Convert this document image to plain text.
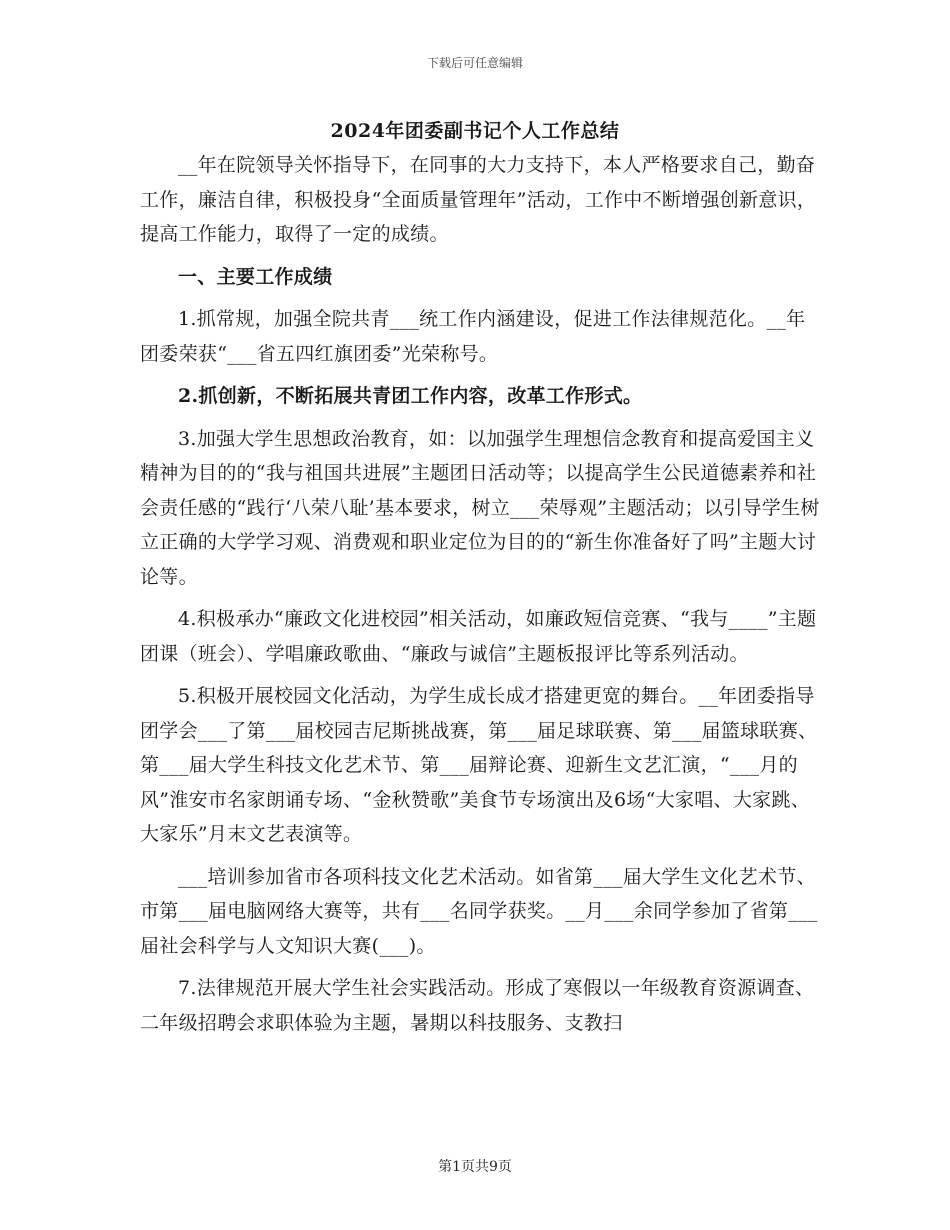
下载后可任意编辑
2024年团委副书记个人工作总结

__年在院领导关怀指导下，在同事的大力支持下，本人严格要求自己，勤奋工作，廉洁自律，积极投身“全面质量管理年”活动，工作中不断增强创新意识，提高工作能力，取得了一定的成绩。

一、主要工作成绩

1.抓常规，加强全院共青___统工作内涵建设，促进工作法律规范化。__年团委荣获“___省五四红旗团委”光荣称号。

2.抓创新，不断拓展共青团工作内容，改革工作形式。

3.加强大学生思想政治教育，如：以加强学生理想信念教育和提高爱国主义精神为目的的“我与祖国共进展”主题团日活动等；以提高学生公民道德素养和社会责任感的“践行‘八荣八耻’基本要求，树立___荣辱观”主题活动；以引导学生树立正确的大学学习观、消费观和职业定位为目的的“新生你准备好了吗”主题大讨论等。

4.积极承办“廉政文化进校园”相关活动，如廉政短信竞赛、“我与____”主题团课（班会）、学唱廉政歌曲、“廉政与诚信”主题板报评比等系列活动。

5.积极开展校园文化活动，为学生成长成才搭建更宽的舞台。__年团委指导团学会___了第___届校园吉尼斯挑战赛，第___届足球联赛、第___届篮球联赛、第___届大学生科技文化艺术节、第___届辩论赛、迎新生文艺汇演，“___月的风”淮安市名家朗诵专场、“金秋赞歌”美食节专场演出及6场“大家唱、大家跳、大家乐”月末文艺表演等。

___培训参加省市各项科技文化艺术活动。如省第___届大学生文化艺术节、市第___届电脑网络大赛等，共有___名同学获奖。__月___余同学参加了省第___届社会科学与人文知识大赛(___)。

7.法律规范开展大学生社会实践活动。形成了寒假以一年级教育资源调查、二年级招聘会求职体验为主题，暑期以科技服务、支教扫

第1页共9页
